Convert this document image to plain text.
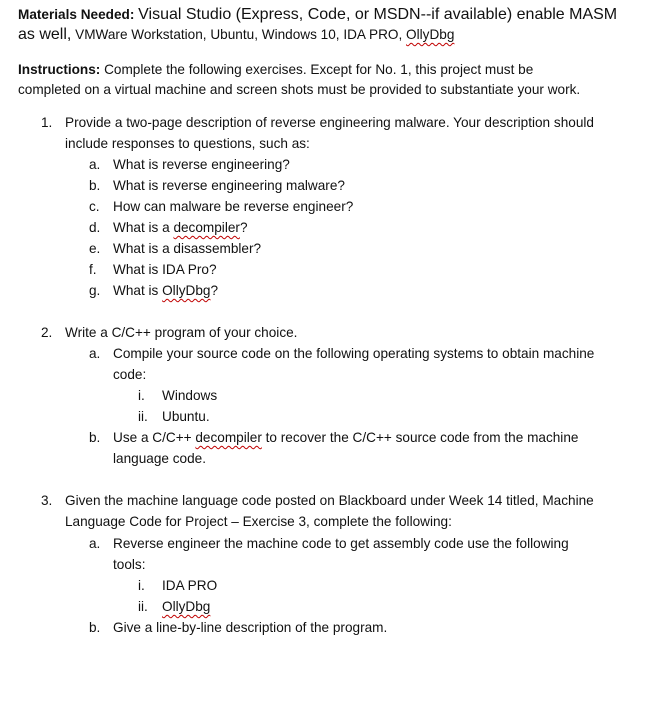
Materials Needed: Visual Studio (Express, Code, or MSDN--if available) enable MASM
as well, VMWare Workstation, Ubuntu, Windows 10, IDA PRO, OllyDbg
Instructions: Complete the following exercises. Except for No. 1, this project must be
completed on a virtual machine and screen shots must be provided to substantiate your work.
1. Provide a two-page description of reverse engineering malware. Your description should
include responses to questions, such as:
a. What is reverse engineering?
b. What is reverse engineering malware?
c. How can malware be reverse engineer?
d. What is a decompiler?
e. What is a disassembler?
f. What is IDA Pro?
g. What is OllyDbg?
2. Write a C/C++ program of your choice.
a. Compile your source code on the following operating systems to obtain machine
code:
i. Windows
ii. Ubuntu.
b. Use a C/C++ decompiler to recover the C/C++ source code from the machine
language code.
3. Given the machine language code posted on Blackboard under Week 14 titled, Machine
Language Code for Project – Exercise 3, complete the following:
a. Reverse engineer the machine code to get assembly code use the following
tools:
i. IDA PRO
ii. OllyDbg
b. Give a line-by-line description of the program.
